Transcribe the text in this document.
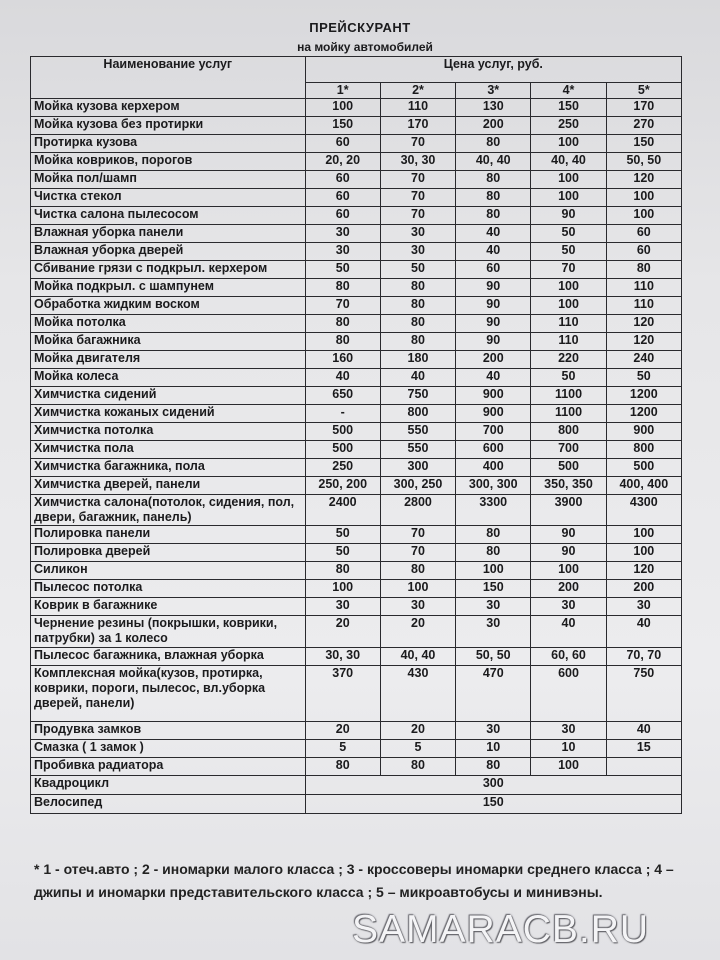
ПРЕЙСКУРАНТ
на мойку автомобилей
Наименование услуг	Цена услуг, руб.				
	1*	2*	3*	4*	5*
Мойка кузова керхером	100	110	130	150	170
Мойка кузова без протирки	150	170	200	250	270
Протирка кузова	60	70	80	100	150
Мойка ковриков, порогов	20, 20	30, 30	40, 40	40, 40	50, 50
Мойка пол/шамп	60	70	80	100	120
Чистка стекол	60	70	80	100	100
Чистка салона пылесосом	60	70	80	90	100
Влажная уборка панели	30	30	40	50	60
Влажная уборка дверей	30	30	40	50	60
Сбивание грязи с подкрыл. керхером	50	50	60	70	80
Мойка подкрыл. с шампунем	80	80	90	100	110
Обработка жидким воском	70	80	90	100	110
Мойка потолка	80	80	90	110	120
Мойка багажника	80	80	90	110	120
Мойка двигателя	160	180	200	220	240
Мойка колеса	40	40	40	50	50
Химчистка сидений	650	750	900	1100	1200
Химчистка кожаных сидений	-	800	900	1100	1200
Химчистка потолка	500	550	700	800	900
Химчистка пола	500	550	600	700	800
Химчистка багажника, пола	250	300	400	500	500
Химчистка дверей, панели	250, 200	300, 250	300, 300	350, 350	400, 400
Химчистка салона(потолок, сидения, пол, двери, багажник, панель)	2400	2800	3300	3900	4300
Полировка панели	50	70	80	90	100
Полировка дверей	50	70	80	90	100
Силикон	80	80	100	100	120
Пылесос потолка	100	100	150	200	200
Коврик в багажнике	30	30	30	30	30
Чернение резины (покрышки, коврики, патрубки) за 1 колесо	20	20	30	40	40
Пылесос багажника, влажная уборка	30, 30	40, 40	50, 50	60, 60	70, 70
Комплексная мойка(кузов, протирка, коврики, пороги, пылесос, вл.уборка дверей, панели)	370	430	470	600	750
Продувка замков	20	20	30	30	40
Смазка ( 1 замок )	5	5	10	10	15
Пробивка радиатора	80	80	80	100	
Квадроцикл	300				
Велосипед	150				
* 1 - отеч.авто ; 2 - иномарки малого класса ; 3 - кроссоверы иномарки среднего класса ; 4 – джипы и иномарки представительского класса ; 5 – микроавтобусы и минивэны.
SAMARACB.RU
